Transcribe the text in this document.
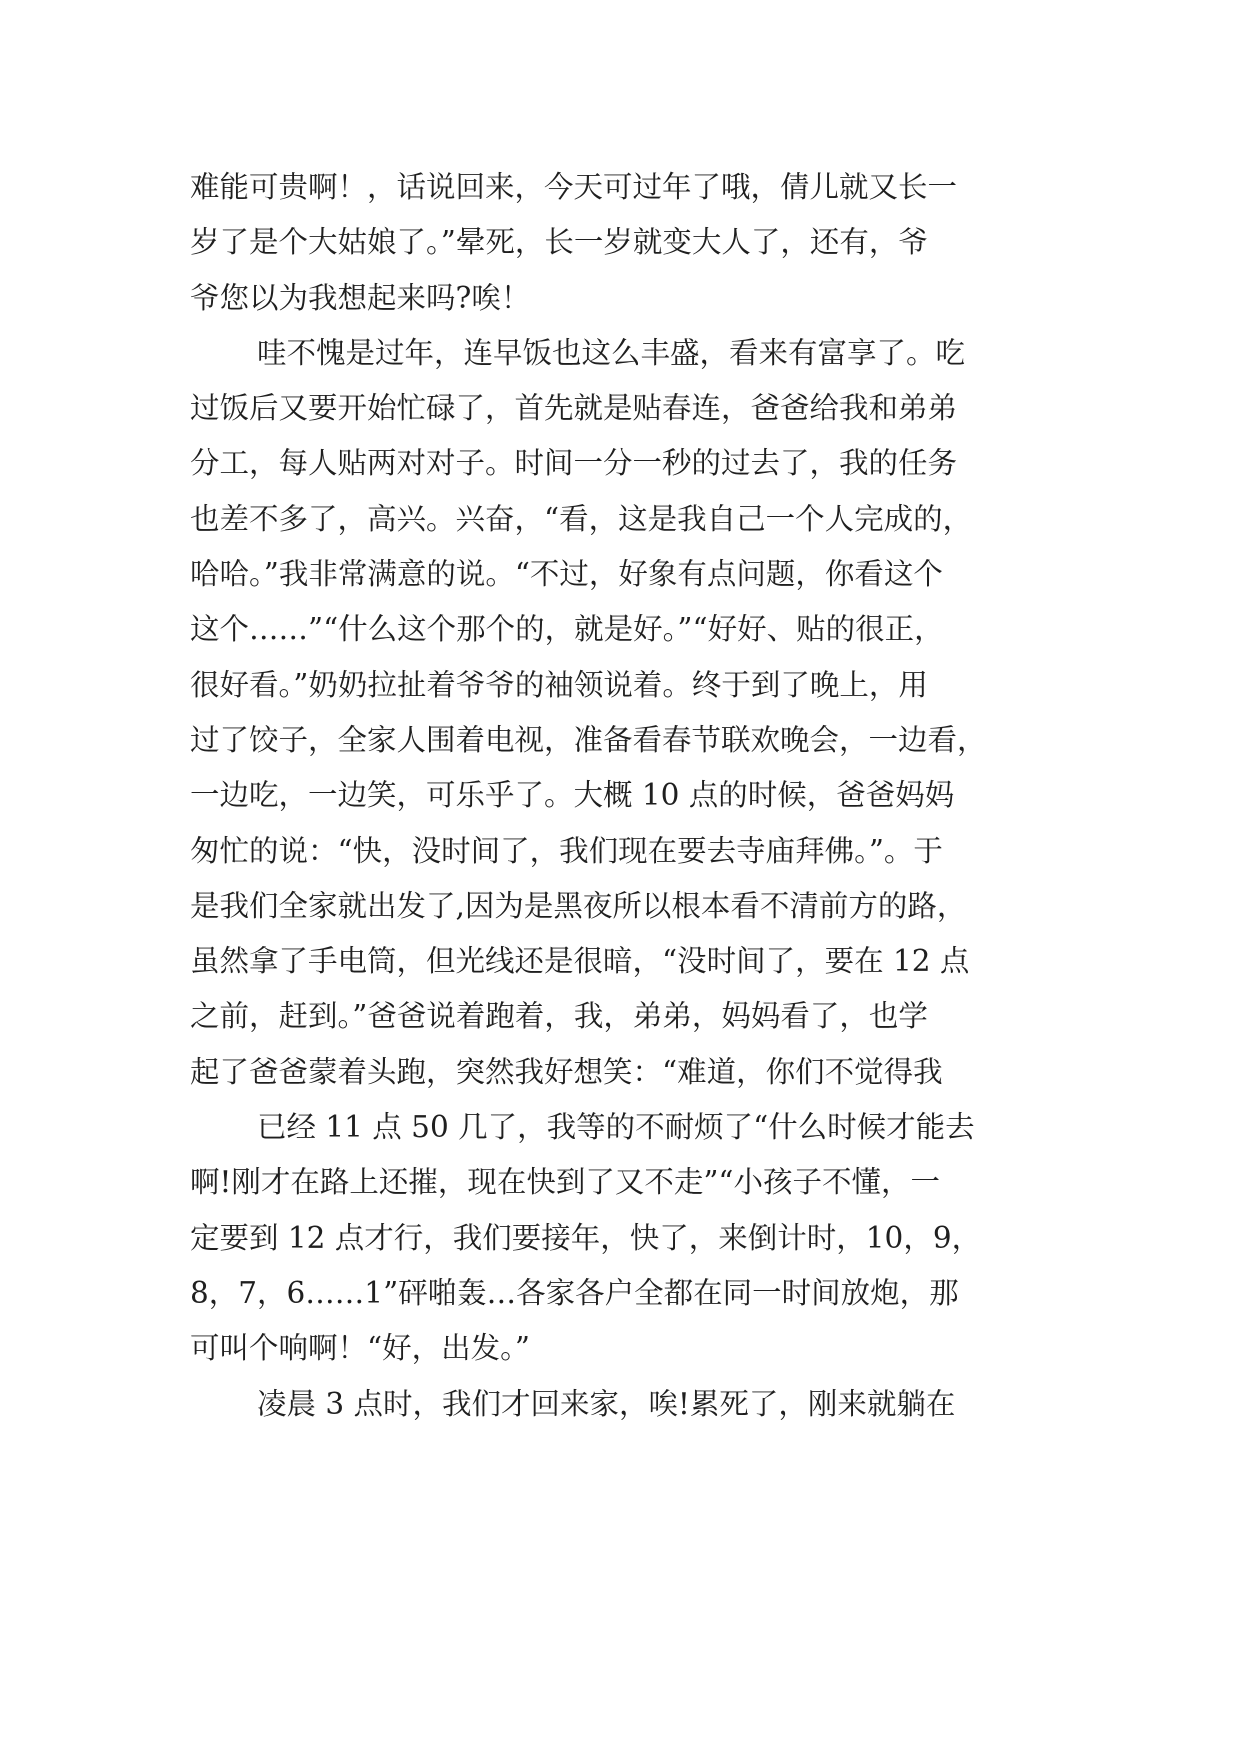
难能可贵啊！，话说回来，今天可过年了哦，倩儿就又长一
岁了是个大姑娘了。”晕死，长一岁就变大人了，还有，爷
爷您以为我想起来吗?唉！
哇不愧是过年，连早饭也这么丰盛，看来有富享了。吃
过饭后又要开始忙碌了，首先就是贴春连，爸爸给我和弟弟
分工，每人贴两对对子。时间一分一秒的过去了，我的任务
也差不多了，高兴。兴奋，“看，这是我自己一个人完成的，
哈哈。”我非常满意的说。“不过，好象有点问题，你看这个
这个……”“什么这个那个的，就是好。”“好好、贴的很正，
很好看。”奶奶拉扯着爷爷的袖领说着。终于到了晚上，用
过了饺子，全家人围着电视，准备看春节联欢晚会，一边看，
一边吃，一边笑，可乐乎了。大概 10 点的时候，爸爸妈妈
匆忙的说：“快，没时间了，我们现在要去寺庙拜佛。”。于
是我们全家就出发了,因为是黑夜所以根本看不清前方的路，
虽然拿了手电筒，但光线还是很暗，“没时间了，要在 12 点
之前，赶到。”爸爸说着跑着，我，弟弟，妈妈看了，也学
起了爸爸蒙着头跑，突然我好想笑：“难道，你们不觉得我
已经 11 点 50 几了，我等的不耐烦了“什么时候才能去
啊!刚才在路上还摧，现在快到了又不走”“小孩子不懂，一
定要到 12 点才行，我们要接年，快了，来倒计时，10，9，
8，7，6……1”砰啪轰…各家各户全都在同一时间放炮，那
可叫个响啊！“好，出发。”
凌晨 3 点时，我们才回来家，唉!累死了，刚来就躺在
